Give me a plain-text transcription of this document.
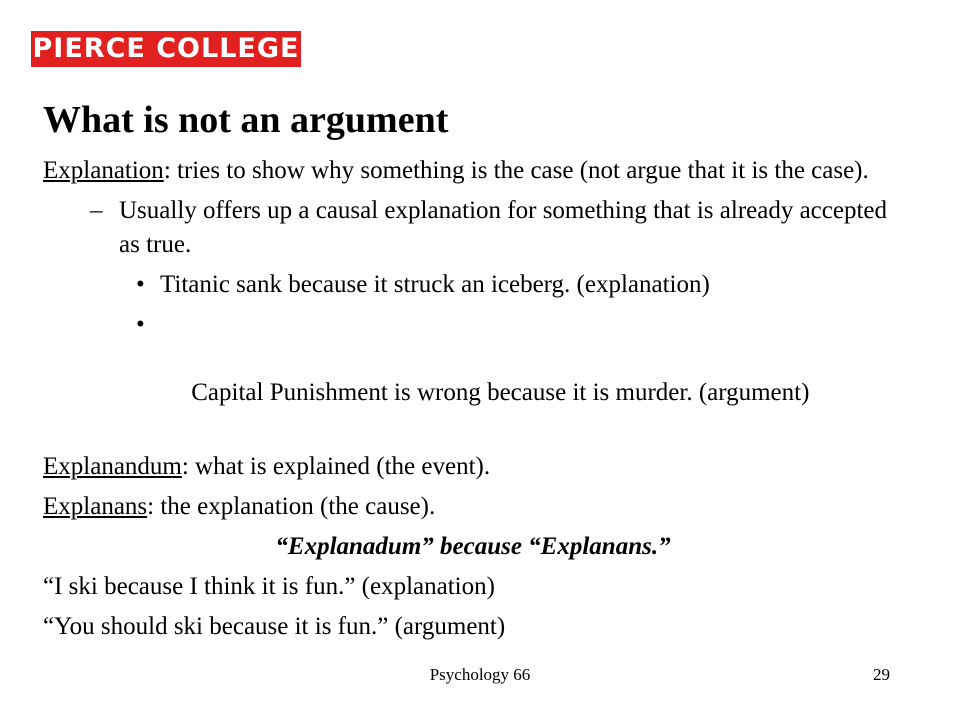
PIERCE COLLEGE
What is not an argument
Explanation: tries to show why something is the case (not argue that it is the case).
– Usually offers up a causal explanation for something that is already accepted as true.
• Titanic sank because it struck an iceberg. (explanation)

•

Capital Punishment is wrong because it is murder. (argument)

Explanandum: what is explained (the event).
Explanans: the explanation (the cause).
“Explanadum” because “Explanans.”
“I ski because I think it is fun.” (explanation)
“You should ski because it is fun.” (argument)
Psychology 66	29
